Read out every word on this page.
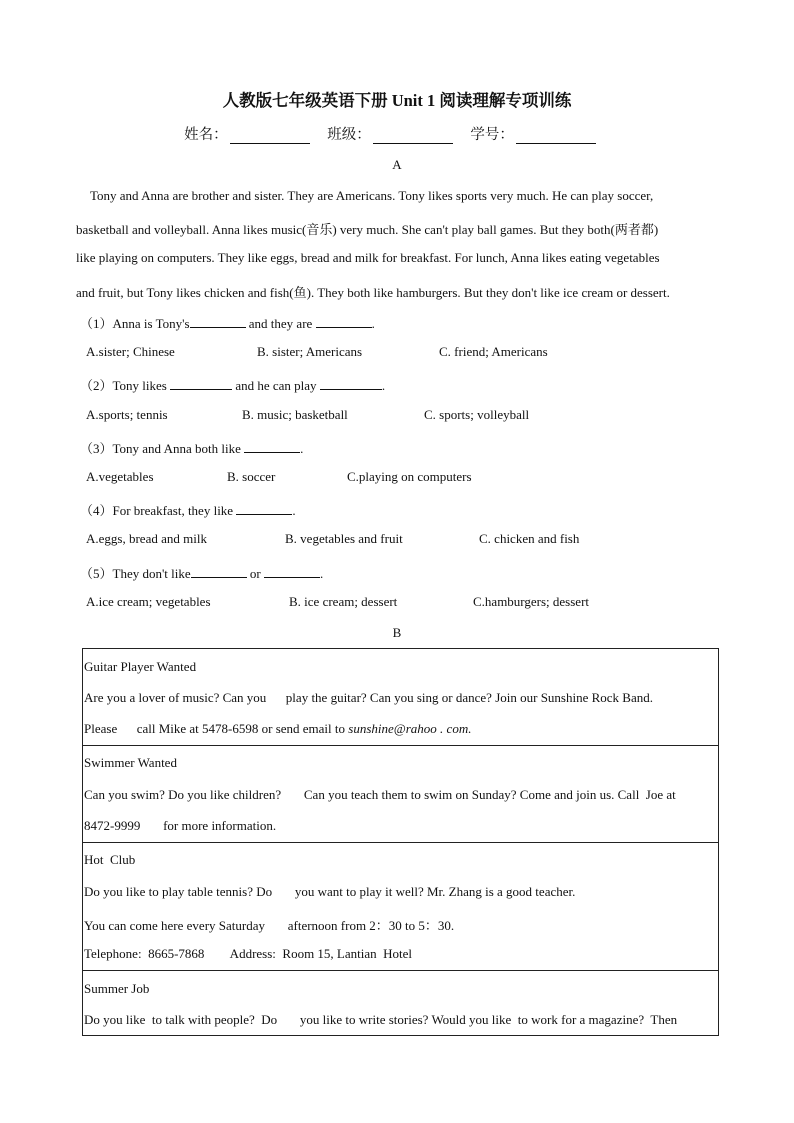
人教版七年级英语下册 Unit 1 阅读理解专项训练
姓名：	班级：	学号：
A
Tony and Anna are brother and sister. They are Americans. Tony likes sports very much. He can play soccer,
basketball and volleyball. Anna likes music(音乐) very much. She can't play ball games. But they both(两者都)
like playing on computers. They like eggs, bread and milk for breakfast. For lunch, Anna likes eating vegetables
and fruit, but Tony likes chicken and fish(鱼). They both like hamburgers. But they don't like ice cream or dessert.
（1）Anna is Tony's	and they are	.
A.sister; Chinese	B. sister; Americans	C. friend; Americans
（2）Tony likes	and he can play	.
A.sports; tennis	B. music; basketball	C. sports; volleyball
（3）Tony and Anna both like	.
A.vegetables	B. soccer	C.playing on computers
（4）For breakfast, they like	.
A.eggs, bread and milk	B. vegetables and fruit	C. chicken and fish
（5）They don't like	or	.
A.ice cream; vegetables	B. ice cream; dessert	C.hamburgers; dessert
B
Guitar Player Wanted
Are you a lover of music? Can you      play the guitar? Can you sing or dance? Join our Sunshine Rock Band.
Please      call Mike at 5478-6598 or send email to sunshine@rahoo . com.
Swimmer Wanted
Can you swim? Do you like children?       Can you teach them to swim on Sunday? Come and join us. Call  Joe at
8472-9999       for more information.
Hot  Club
Do you like to play table tennis? Do       you want to play it well? Mr. Zhang is a good teacher.
You can come here every Saturday       afternoon from 2：30 to 5：30.
Telephone:  8665-7868        Address:  Room 15, Lantian  Hotel
Summer Job
Do you like  to talk with people?  Do       you like to write stories? Would you like  to work for a magazine?  Then
